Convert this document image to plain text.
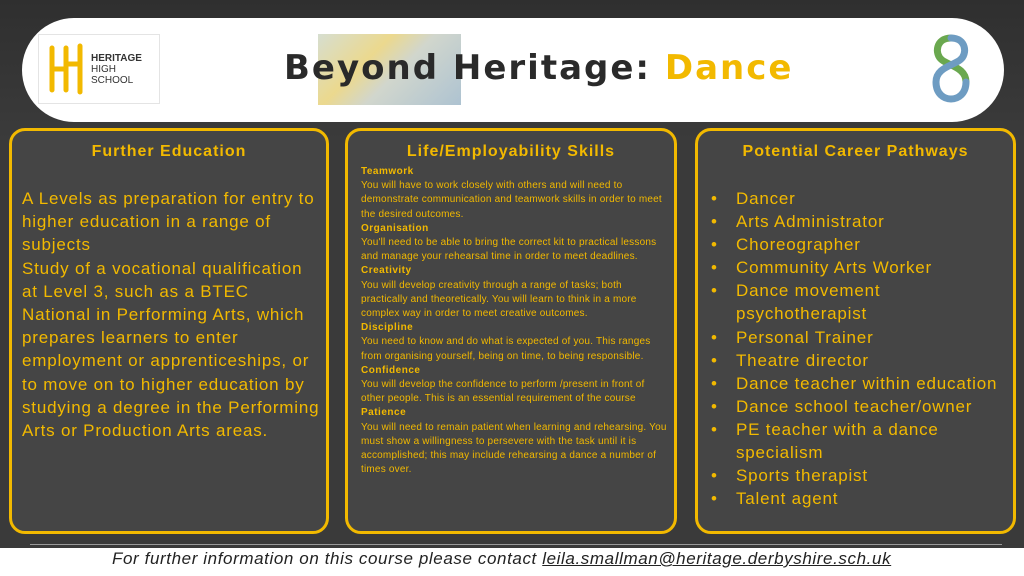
HERITAGE
HIGH
SCHOOL	Beyond Heritage: Dance
Further Education

A Levels as preparation for entry to higher education in a range of subjects

Study of a vocational qualification at Level 3, such as a BTEC National in Performing Arts, which prepares learners to enter employment or apprenticeships, or to move on to higher education by studying a degree in the Performing Arts or Production Arts areas.

Life/Employability Skills
Teamwork
You will have to work closely with others and will need to demonstrate communication and teamwork skills in order to meet the desired outcomes.
Organisation
You'll need to be able to bring the correct kit to practical lessons and manage your rehearsal time in order to meet deadlines.
Creativity
You will develop creativity through a range of tasks; both practically and theoretically. You will learn to think in a more complex way in order to meet creative outcomes.
Discipline
You need to know and do what is expected of you. This ranges from organising yourself, being on time, to being responsible.
Confidence
You will develop the confidence to perform /present in front of other people. This is an essential requirement of the course
Patience
You will need to remain patient when learning and rehearsing. You must show a willingness to persevere with the task until it is accomplished; this may include rehearsing a dance a number of times over.
Potential Career Pathways
• Dancer
• Arts Administrator
• Choreographer
• Community Arts Worker
• Dance movement psychotherapist
• Personal Trainer
• Theatre director
• Dance teacher within education
• Dance school teacher/owner
• PE teacher with a dance specialism
• Sports therapist
• Talent agent
For further information on this course please contact leila.smallman@heritage.derbyshire.sch.uk
